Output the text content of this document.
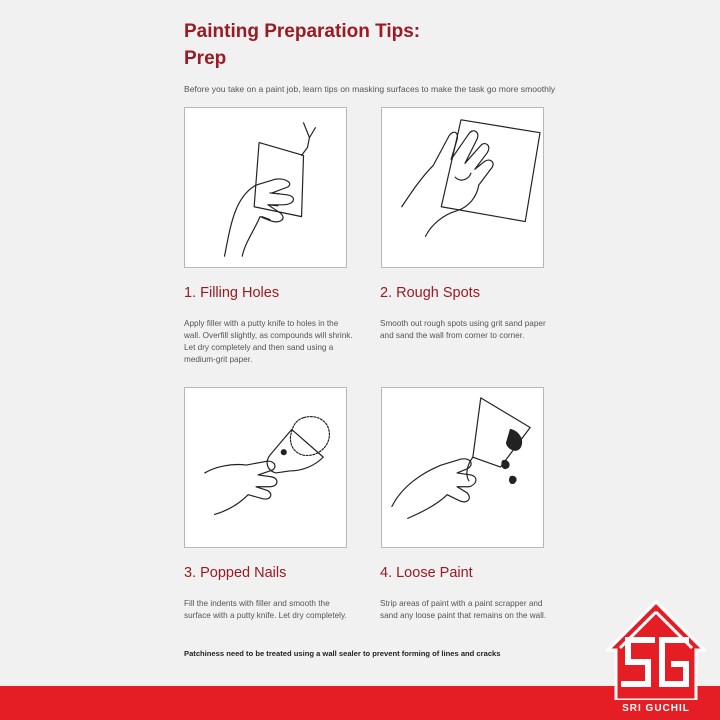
Painting Preparation Tips:
Prep

Before you take on a paint job, learn tips on masking surfaces to make the task go more smoothly

1. Filling Holes

Apply filler with a putty knife to holes in the wall. Overfill slightly, as compounds will shrink. Let dry completely and then sand using a medium-grit paper.

2. Rough Spots

Smooth out rough spots using grit sand paper and sand the wall from corner to corner.

3. Popped Nails

Fill the indents with filler and smooth the surface with a putty knife. Let dry completely.

4. Loose Paint

Strip areas of paint with a paint scrapper and sand any loose paint that remains on the wall.

Patchiness need to be treated using a wall sealer to prevent forming of lines and cracks

SRI GUCHIL
